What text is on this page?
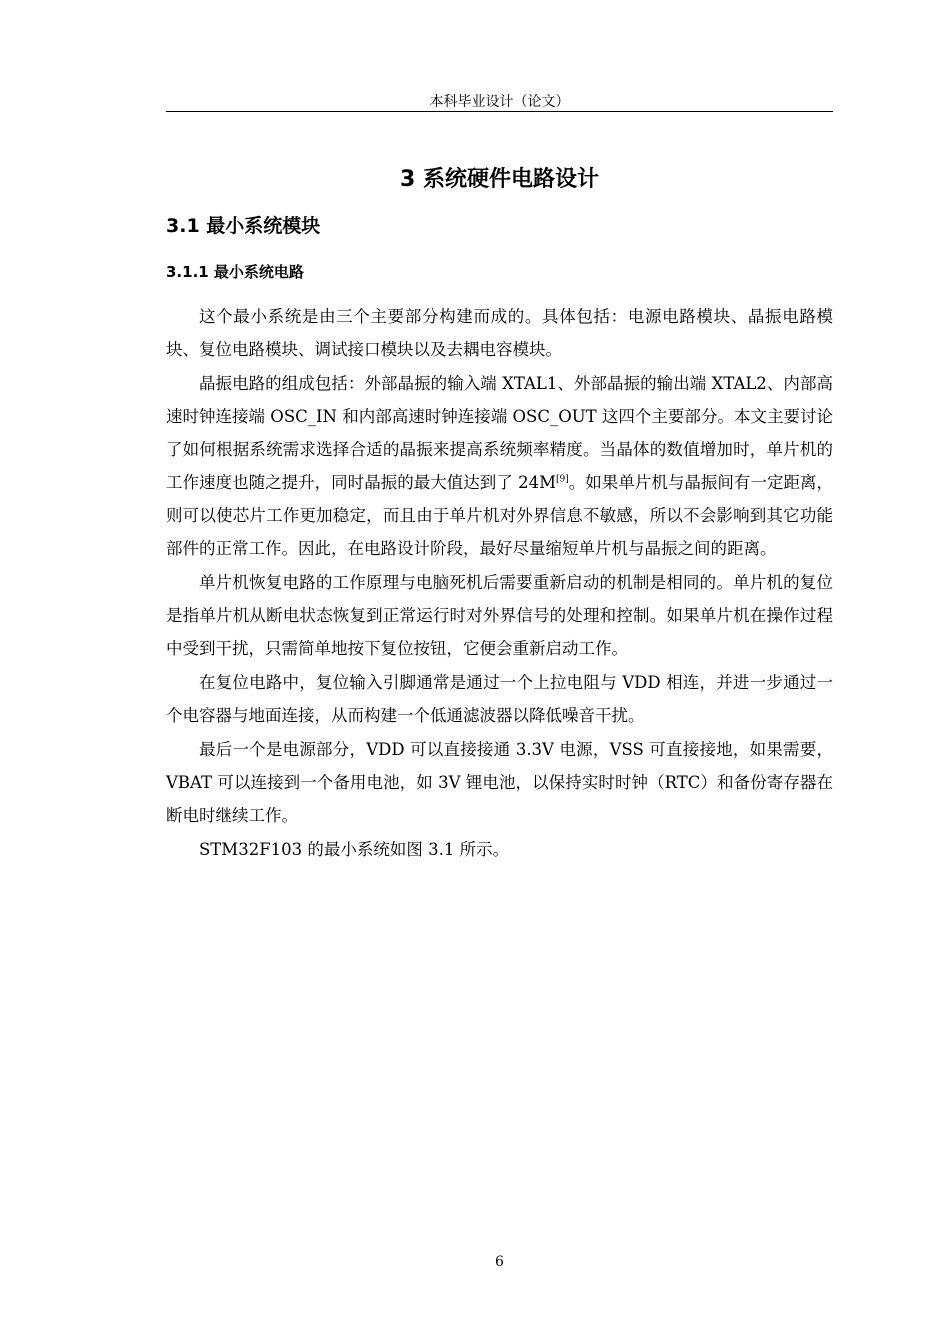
本科毕业设计（论文）
3 系统硬件电路设计
3.1 最小系统模块
3.1.1 最小系统电路

这个最小系统是由三个主要部分构建而成的。具体包括：电源电路模块、晶振电路模块、复位电路模块、调试接口模块以及去耦电容模块。

晶振电路的组成包括：外部晶振的输入端 XTAL1、外部晶振的输出端 XTAL2、内部高速时钟连接端 OSC_IN 和内部高速时钟连接端 OSC_OUT 这四个主要部分。本文主要讨论了如何根据系统需求选择合适的晶振来提高系统频率精度。当晶体的数值增加时，单片机的工作速度也随之提升，同时晶振的最大值达到了 24M[9]。如果单片机与晶振间有一定距离，则可以使芯片工作更加稳定，而且由于单片机对外界信息不敏感，所以不会影响到其它功能部件的正常工作。因此，在电路设计阶段，最好尽量缩短单片机与晶振之间的距离。

单片机恢复电路的工作原理与电脑死机后需要重新启动的机制是相同的。单片机的复位是指单片机从断电状态恢复到正常运行时对外界信号的处理和控制。如果单片机在操作过程中受到干扰，只需简单地按下复位按钮，它便会重新启动工作。

在复位电路中，复位输入引脚通常是通过一个上拉电阻与 VDD 相连，并进一步通过一个电容器与地面连接，从而构建一个低通滤波器以降低噪音干扰。

最后一个是电源部分，VDD 可以直接接通 3.3V 电源，VSS 可直接接地，如果需要，VBAT 可以连接到一个备用电池，如 3V 锂电池，以保持实时时钟（RTC）和备份寄存器在断电时继续工作。

STM32F103 的最小系统如图 3.1 所示。

6
